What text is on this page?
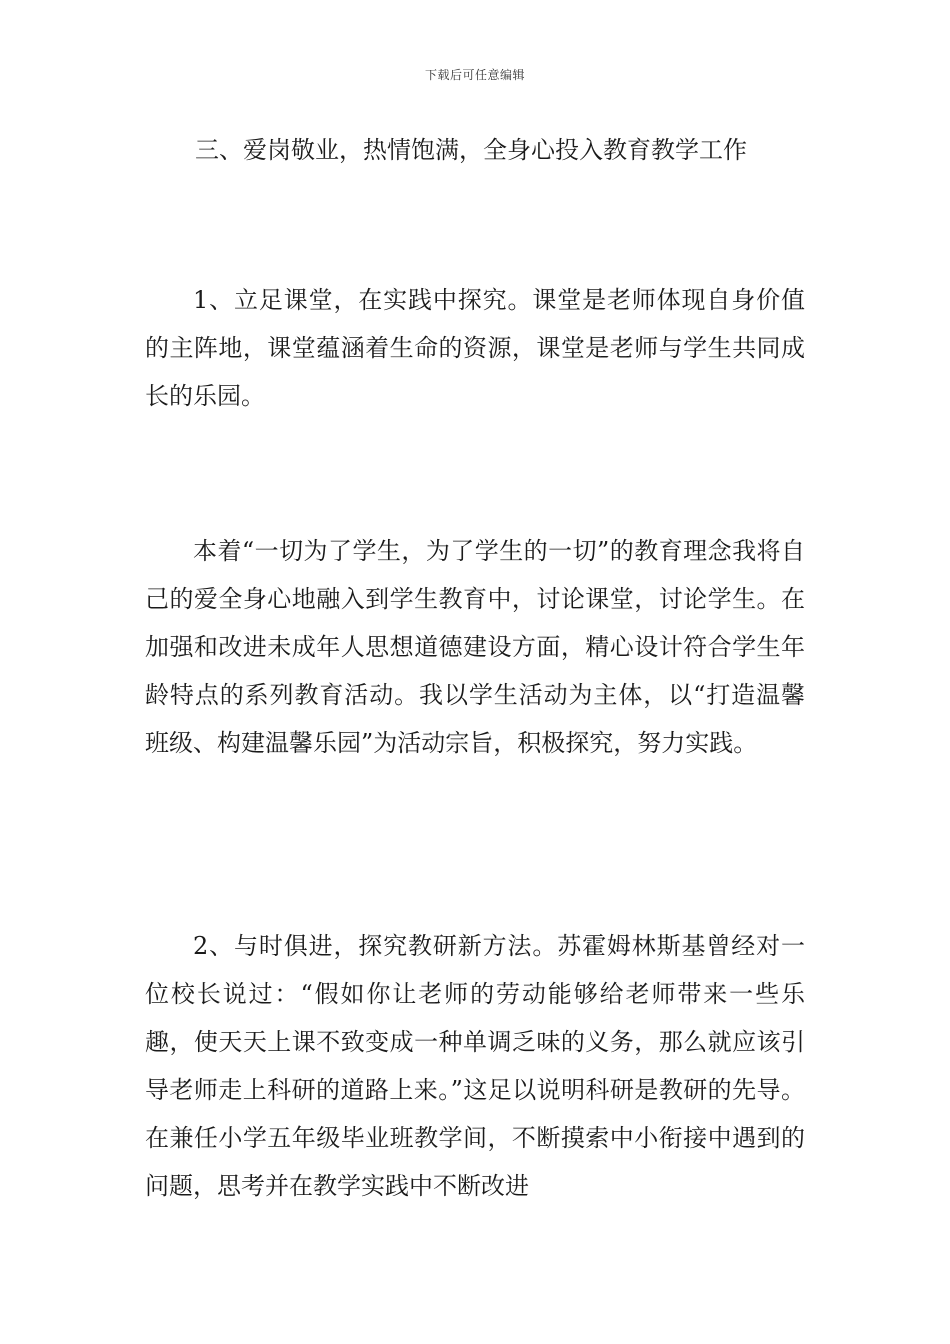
下载后可任意编辑
三、爱岗敬业，热情饱满，全身心投入教育教学工作
1、立足课堂，在实践中探究。课堂是老师体现自身价值的主阵地，课堂蕴涵着生命的资源，课堂是老师与学生共同成长的乐园。
本着“一切为了学生，为了学生的一切”的教育理念我将自己的爱全身心地融入到学生教育中，讨论课堂，讨论学生。在加强和改进未成年人思想道德建设方面，精心设计符合学生年龄特点的系列教育活动。我以学生活动为主体，以“打造温馨班级、构建温馨乐园”为活动宗旨，积极探究，努力实践。
2、与时俱进，探究教研新方法。苏霍姆林斯基曾经对一位校长说过：“假如你让老师的劳动能够给老师带来一些乐趣，使天天上课不致变成一种单调乏味的义务，那么就应该引导老师走上科研的道路上来。”这足以说明科研是教研的先导。在兼任小学五年级毕业班教学间，不断摸索中小衔接中遇到的问题，思考并在教学实践中不断改进
